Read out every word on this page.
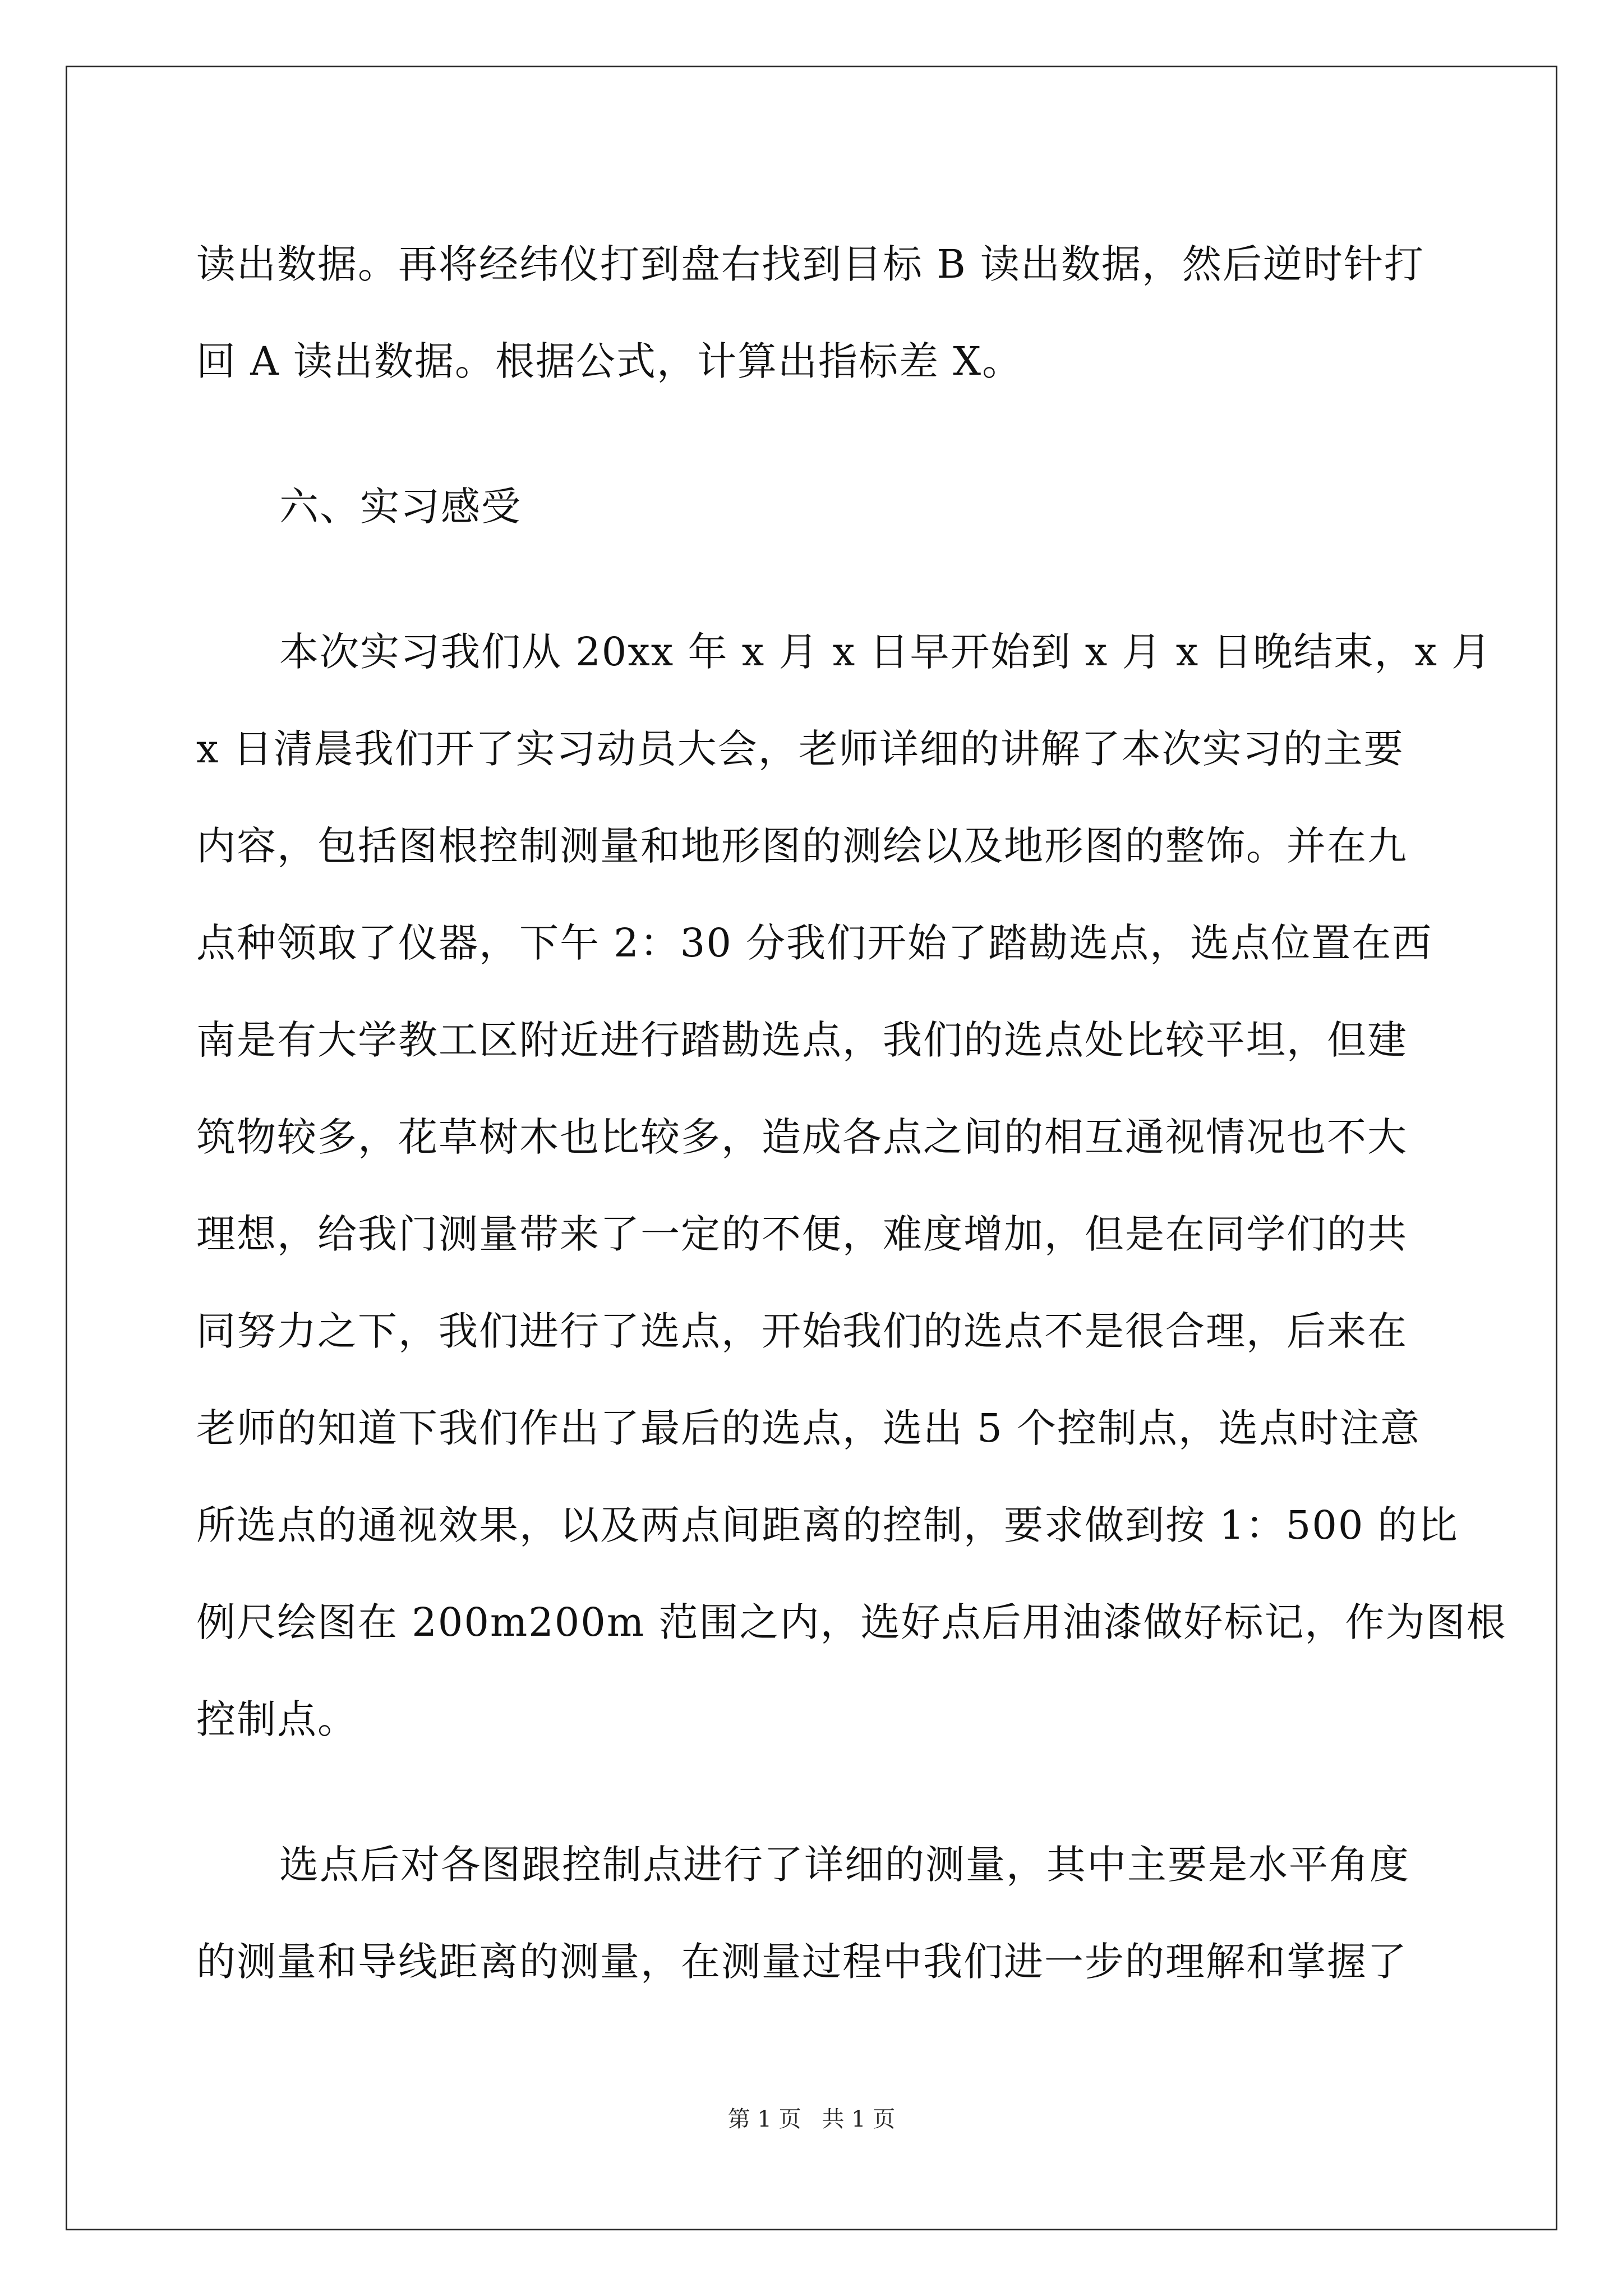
读出数据。再将经纬仪打到盘右找到目标 B 读出数据，然后逆时针打
回 A 读出数据。根据公式，计算出指标差 X。
六、实习感受
本次实习我们从 20xx 年 x 月 x 日早开始到 x 月 x 日晚结束，x 月
x 日清晨我们开了实习动员大会，老师详细的讲解了本次实习的主要
内容，包括图根控制测量和地形图的测绘以及地形图的整饰。并在九
点种领取了仪器，下午 2：30 分我们开始了踏勘选点，选点位置在西
南是有大学教工区附近进行踏勘选点，我们的选点处比较平坦，但建
筑物较多，花草树木也比较多，造成各点之间的相互通视情况也不大
理想，给我门测量带来了一定的不便，难度增加，但是在同学们的共
同努力之下，我们进行了选点，开始我们的选点不是很合理，后来在
老师的知道下我们作出了最后的选点，选出 5 个控制点，选点时注意
所选点的通视效果，以及两点间距离的控制，要求做到按 1：500 的比
例尺绘图在 200m200m 范围之内，选好点后用油漆做好标记，作为图根
控制点。
选点后对各图跟控制点进行了详细的测量，其中主要是水平角度
的测量和导线距离的测量，在测量过程中我们进一步的理解和掌握了
第 1 页 共 1 页
